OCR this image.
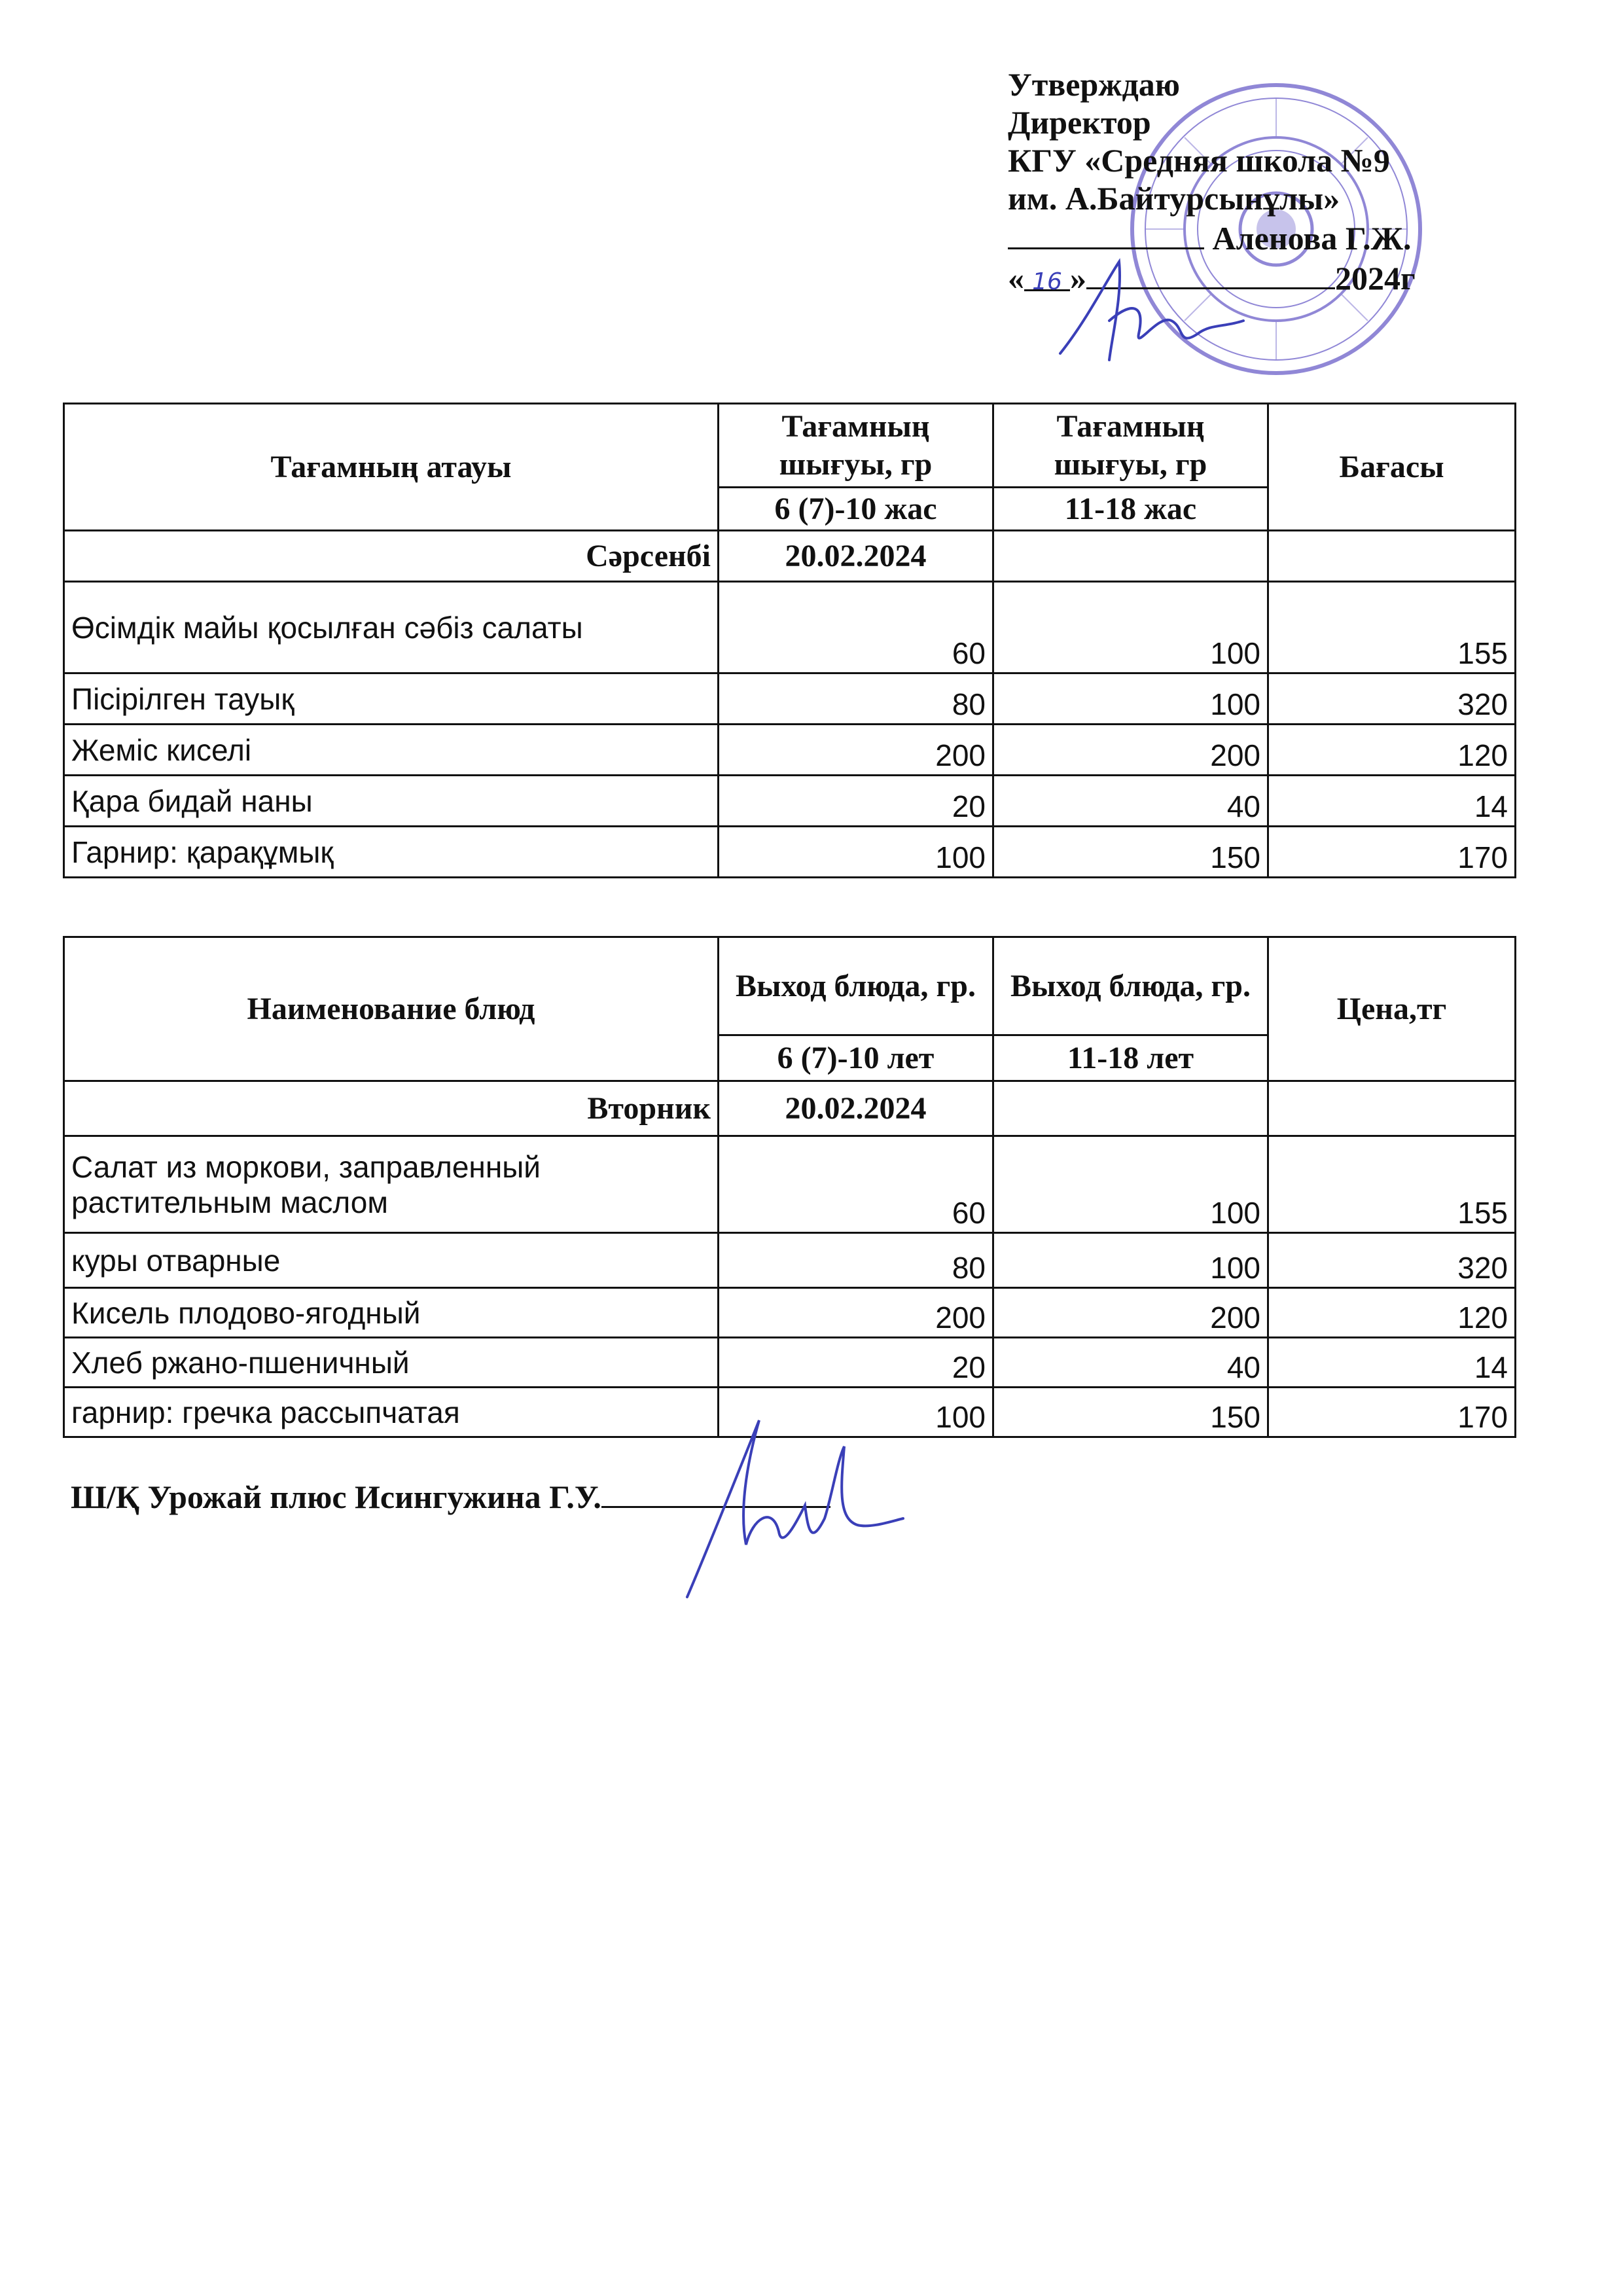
Утверждаю
Директор
КГУ «Средняя школа №9
им. А.Байтурсынұлы»
Аленова Г.Ж.
« 16 »	2024г
Тағамның атауы	Тағамның шығуы, гр	Тағамның шығуы, гр	Бағасы
	6 (7)-10 жас	11-18 жас	
Сәрсенбі	20.02.2024		
Өсімдік майы қосылған сәбіз салаты	60	100	155
Пісірілген тауық	80	100	320
Жеміс киселі	200	200	120
Қара бидай наны	20	40	14
Гарнир: қарақұмық	100	150	170
Наименование блюд	Выход блюда, гр.	Выход блюда, гр.	Цена,тг
	6 (7)-10 лет	11-18 лет	
Вторник	20.02.2024		
Салат из моркови, заправленный растительным маслом	60	100	155
куры отварные	80	100	320
Кисель плодово-ягодный	200	200	120
Хлеб ржано-пшеничный	20	40	14
гарнир: гречка рассыпчатая	100	150	170
Ш/Қ Урожай плюс Исингужина Г.У.
